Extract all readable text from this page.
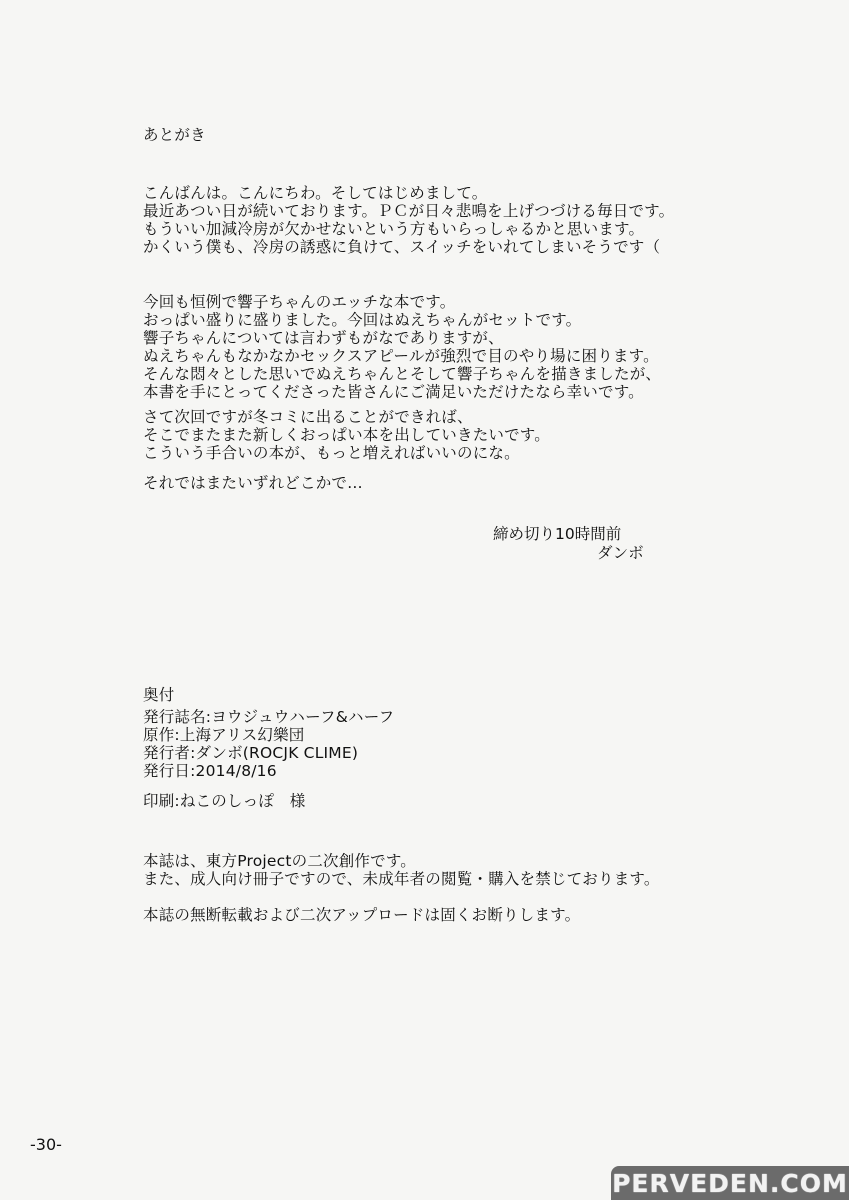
あとがき
こんばんは。こんにちわ。そしてはじめまして。
最近あつい日が続いております。ＰＣが日々悲鳴を上げつづける毎日です。
もういい加減冷房が欠かせないという方もいらっしゃるかと思います。
かくいう僕も、冷房の誘惑に負けて、スイッチをいれてしまいそうです（
今回も恒例で響子ちゃんのエッチな本です。
おっぱい盛りに盛りました。今回はぬえちゃんがセットです。
響子ちゃんについては言わずもがなでありますが、
ぬえちゃんもなかなかセックスアピールが強烈で目のやり場に困ります。
そんな悶々とした思いでぬえちゃんとそして響子ちゃんを描きましたが、
本書を手にとってくださった皆さんにご満足いただけたなら幸いです。
さて次回ですが冬コミに出ることができれば、
そこでまたまた新しくおっぱい本を出していきたいです。
こういう手合いの本が、もっと増えればいいのにな。
それではまたいずれどこかで…
締め切り10時間前
ダンボ
奥付
発行誌名:ヨウジュウハーフ&ハーフ
原作:上海アリス幻樂団
発行者:ダンボ(ROCJK CLIME)
発行日:2014/8/16
印刷:ねこのしっぽ　様
本誌は、東方Projectの二次創作です。
また、成人向け冊子ですので、未成年者の閲覧・購入を禁じております。
本誌の無断転載および二次アップロードは固くお断りします。
-30-
PERVEDEN.COM
